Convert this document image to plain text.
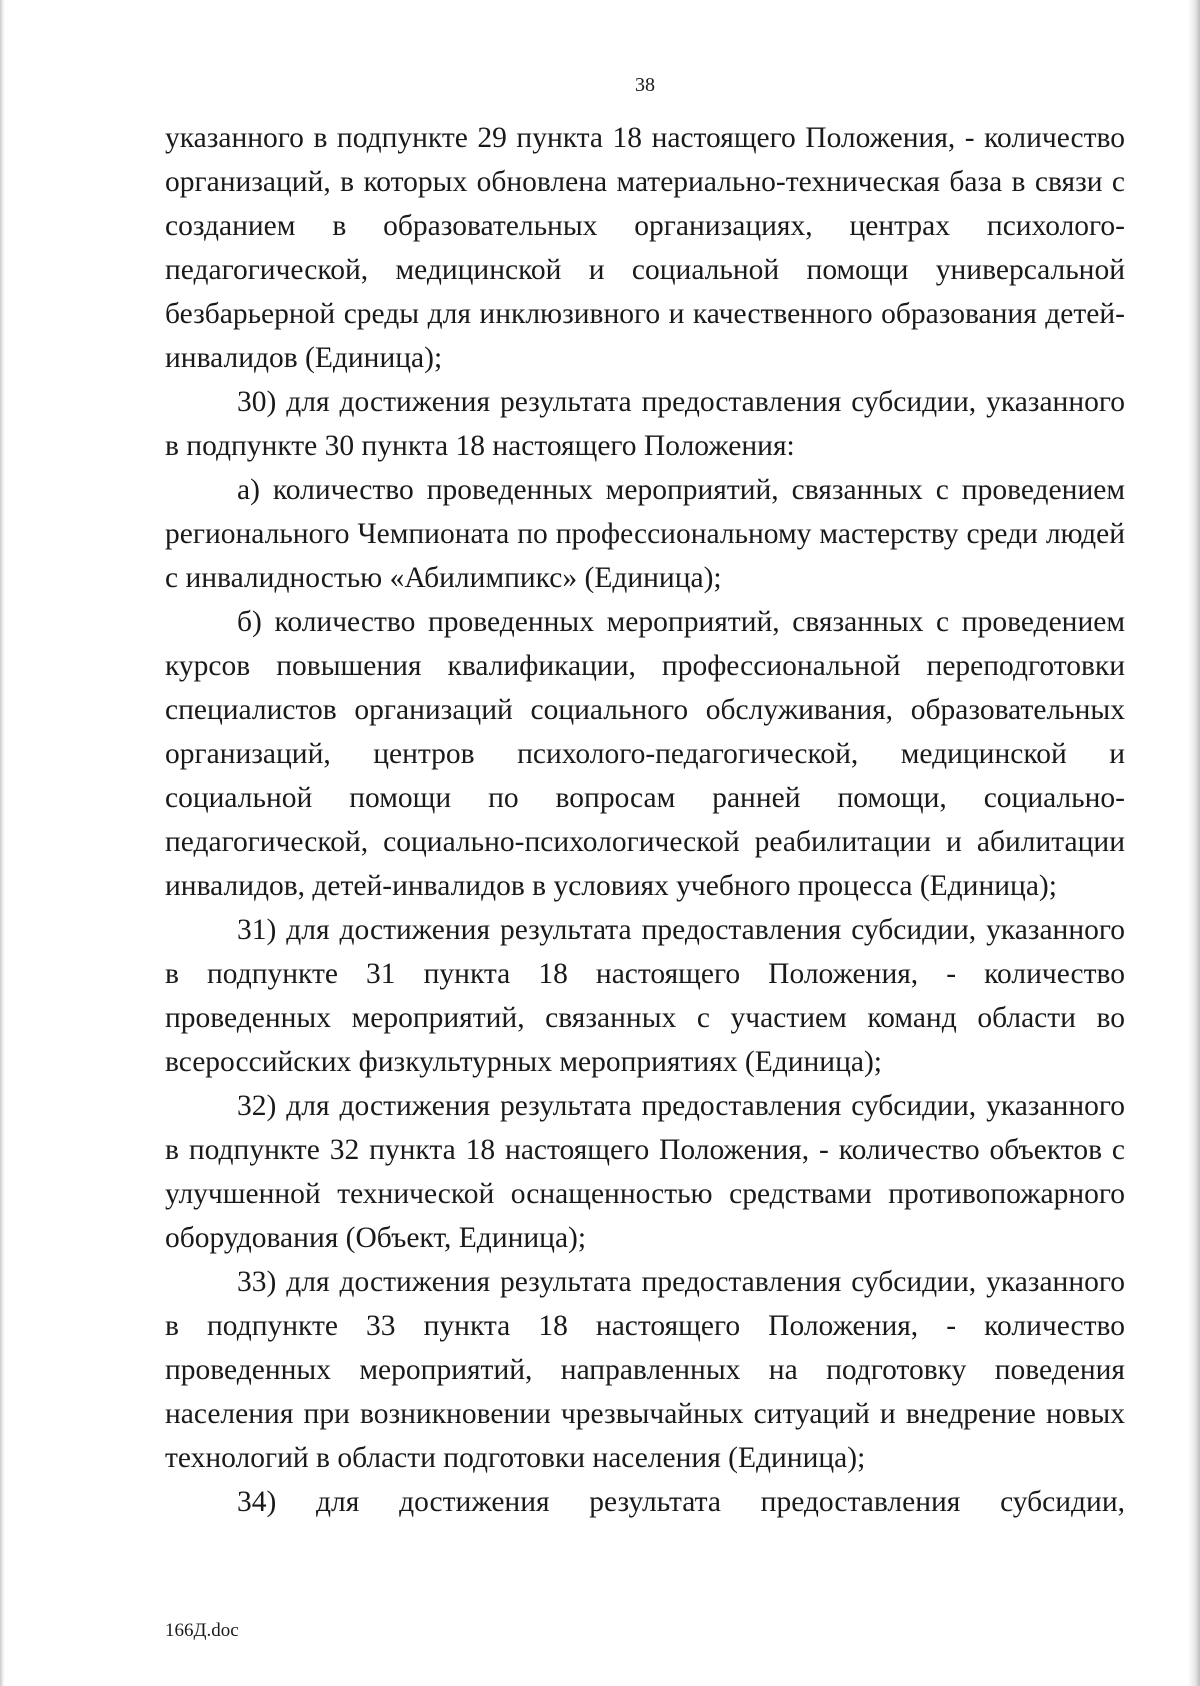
38

указанного в подпункте 29 пункта 18 настоящего Положения, - количество организаций, в которых обновлена материально-техническая база в связи с созданием в образовательных организациях, центрах психолого-педагогической, медицинской и социальной помощи универсальной безбарьерной среды для инклюзивного и качественного образования детей-инвалидов (Единица);

30) для достижения результата предоставления субсидии, указанного в подпункте 30 пункта 18 настоящего Положения:

а) количество проведенных мероприятий, связанных с проведением регионального Чемпионата по профессиональному мастерству среди людей с инвалидностью «Абилимпикс» (Единица);

б) количество проведенных мероприятий, связанных с проведением курсов повышения квалификации, профессиональной переподготовки специалистов организаций социального обслуживания, образовательных организаций, центров психолого-педагогической, медицинской и социальной помощи по вопросам ранней помощи, социально-педагогической, социально-психологической реабилитации и абилитации инвалидов, детей-инвалидов в условиях учебного процесса (Единица);

31) для достижения результата предоставления субсидии, указанного в подпункте 31 пункта 18 настоящего Положения, - количество проведенных мероприятий, связанных с участием команд области во всероссийских физкультурных мероприятиях (Единица);

32) для достижения результата предоставления субсидии, указанного в подпункте 32 пункта 18 настоящего Положения, - количество объектов с улучшенной технической оснащенностью средствами противопожарного оборудования (Объект, Единица);

33) для достижения результата предоставления субсидии, указанного в подпункте 33 пункта 18 настоящего Положения, - количество проведенных мероприятий, направленных на подготовку поведения населения при возникновении чрезвычайных ситуаций и внедрение новых технологий в области подготовки населения (Единица);

34) для достижения результата предоставления субсидии,

166Д.doc
